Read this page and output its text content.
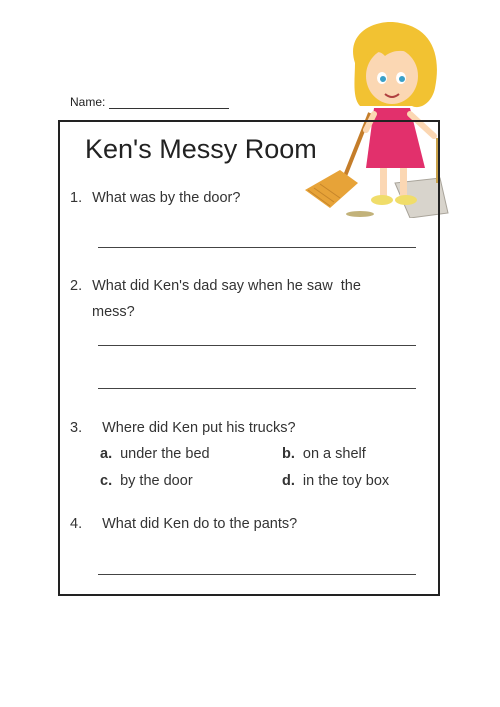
Name:
Ken's Messy Room
1. What was by the door?
2. What did Ken's dad say when he saw  the
mess?
3. Where did Ken put his trucks?
a. under the bed	b. on a shelf
c. by the door	d. in the toy box
4. What did Ken do to the pants?
